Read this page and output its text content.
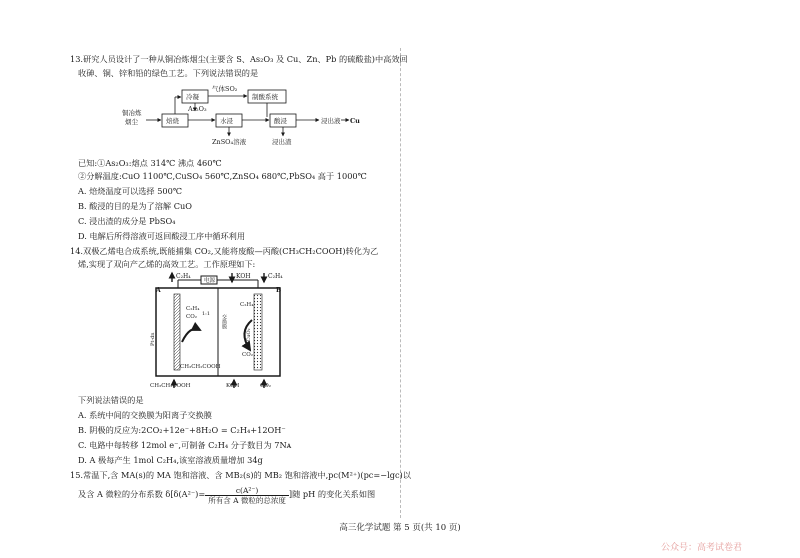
13.研究人员设计了一种从铜冶炼烟尘(主要含 S、As₂O₃ 及 Cu、Zn、Pb 的硫酸盐)中高效回
收砷、铜、锌和铅的绿色工艺。下列说法错误的是
铜冶炼
烟尘	焙烧
冷凝
气体SO₂
制酸系统
As₂O₃
水浸	酸浸	浸出液 Cu
ZnSO₄溶液	浸出渣
已知:①As₂O₃:熔点 314℃ 沸点 460℃
②分解温度:CuO 1100℃,CuSO₄ 560℃,ZnSO₄ 680℃,PbSO₄ 高于 1000℃
A. 焙烧温度可以选择 500℃
B. 酸浸的目的是为了溶解 CuO
C. 浸出渣的成分是 PbSO₄
D. 电解后所得溶液可返回酸浸工序中循环利用
14.双极乙烯电合成系统,既能捕集 CO₂,又能将废酸—丙酸(CH₃CH₂COOH)转化为乙
烯,实现了双向产乙烯的高效工艺。工作原理如下:
A	B
电源
C₂H₄	KOH	C₂H₄
C₂H₄
CO₂ 1:1
C₂H₄
CO₂
CH₃CH₂COOH
CH₃CH₂COOH	KOH	CO₂
Pt-dn	W-CuO₂
交换膜
下列说法错误的是
A. 系统中间的交换膜为阳离子交换膜
B. 阴极的反应为:2CO₂+12e⁻+8H₂O = C₂H₄+12OH⁻
C. 电路中每转移 12mol e⁻,可制备 C₂H₄ 分子数目为 7Nᴀ
D. A 极每产生 1mol C₂H₄,该室溶液质量增加 34g
15.常温下,含 MA(s)的 MA 饱和溶液、含 MB₂(s)的 MB₂ 饱和溶液中,pc(M²⁺)(pc=−lgc)以
及含 A 微粒的分布系数 $\delta[\delta(A^{2-})= \frac{\text{c(A²⁻)}}{\text{所有含 A 微粒的总浓度}}$ ]随 pH 的变化关系如图
高三化学试题 第 5 页(共 10 页)
公众号：高考试卷君
